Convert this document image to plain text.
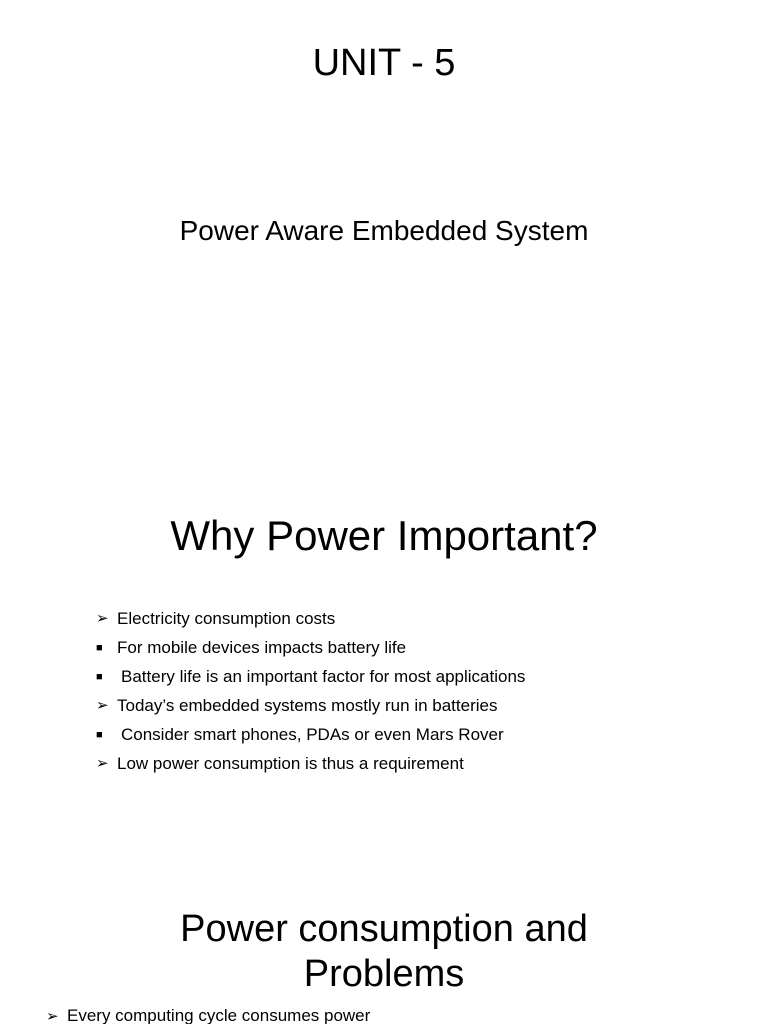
UNIT - 5
Power Aware Embedded System
Why Power Important?
➢ Electricity consumption costs
■ For mobile devices impacts battery life
■ Battery life is an important factor for most applications
➢ Today’s embedded systems mostly run in batteries
■ Consider smart phones, PDAs or even Mars Rover
➢ Low power consumption is thus a requirement
Power consumption and
Problems
➢ Every computing cycle consumes power
